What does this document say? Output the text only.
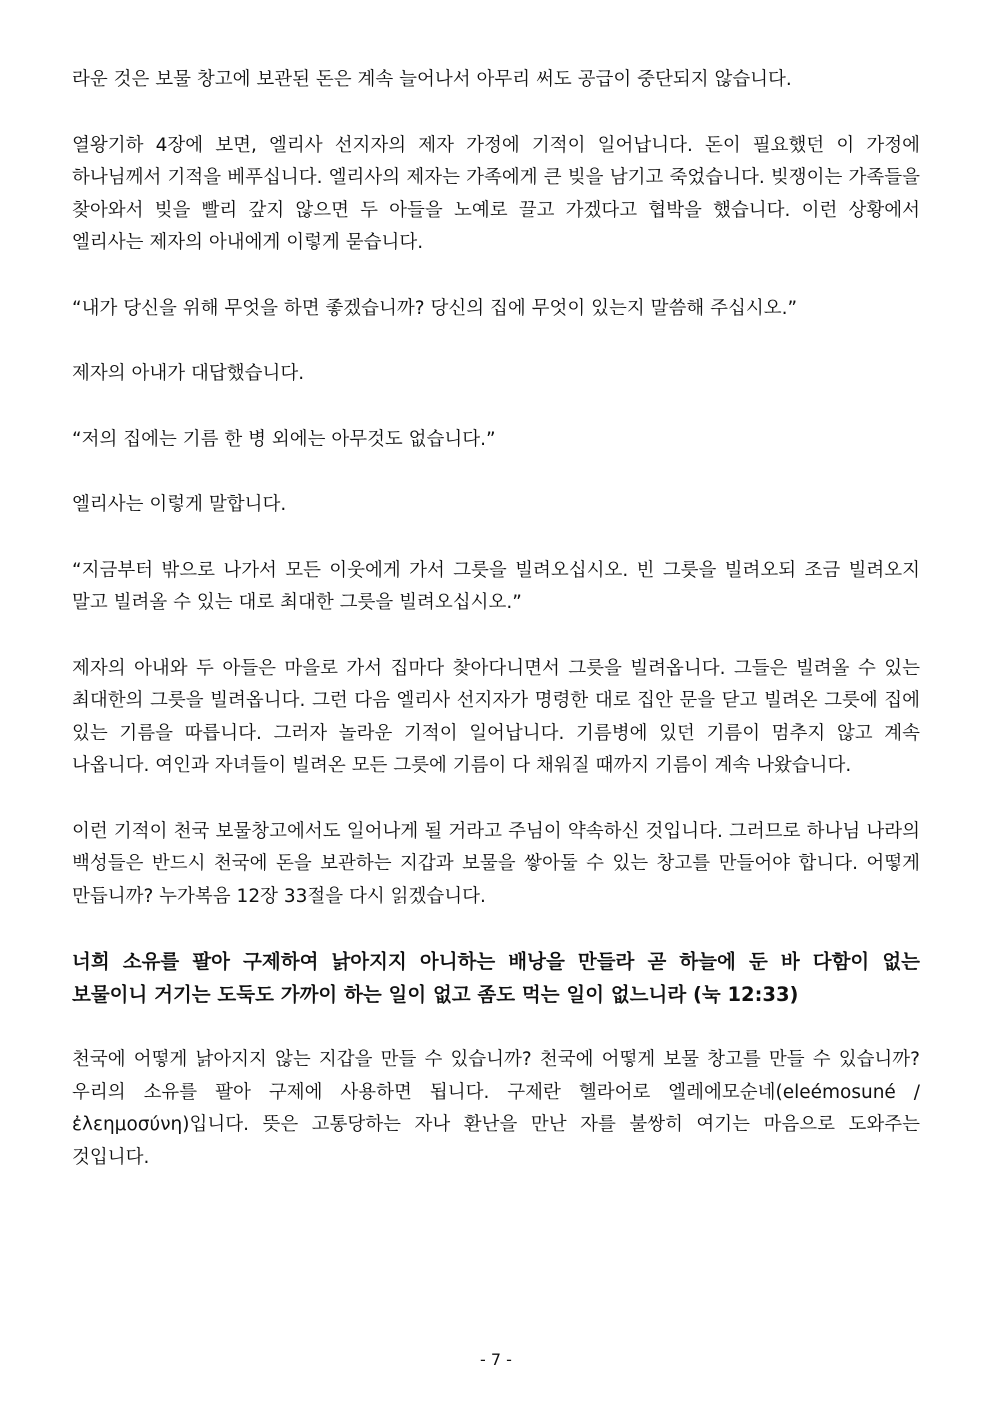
라운 것은 보물 창고에 보관된 돈은 계속 늘어나서 아무리 써도 공급이 중단되지 않습니다.

열왕기하 4장에 보면, 엘리사 선지자의 제자 가정에 기적이 일어납니다. 돈이 필요했던 이 가정에 하나님께서 기적을 베푸십니다. 엘리사의 제자는 가족에게 큰 빚을 남기고 죽었습니다. 빚쟁이는 가족들을 찾아와서 빚을 빨리 갚지 않으면 두 아들을 노예로 끌고 가겠다고 협박을 했습니다. 이런 상황에서 엘리사는 제자의 아내에게 이렇게 묻습니다.

“내가 당신을 위해 무엇을 하면 좋겠습니까? 당신의 집에 무엇이 있는지 말씀해 주십시오.”

제자의 아내가 대답했습니다.

“저의 집에는 기름 한 병 외에는 아무것도 없습니다.”

엘리사는 이렇게 말합니다.

“지금부터 밖으로 나가서 모든 이웃에게 가서 그릇을 빌려오십시오. 빈 그릇을 빌려오되 조금 빌려오지 말고 빌려올 수 있는 대로 최대한 그릇을 빌려오십시오.”

제자의 아내와 두 아들은 마을로 가서 집마다 찾아다니면서 그릇을 빌려옵니다. 그들은 빌려올 수 있는 최대한의 그릇을 빌려옵니다. 그런 다음 엘리사 선지자가 명령한 대로 집안 문을 닫고 빌려온 그릇에 집에 있는 기름을 따릅니다. 그러자 놀라운 기적이 일어납니다. 기름병에 있던 기름이 멈추지 않고 계속 나옵니다. 여인과 자녀들이 빌려온 모든 그릇에 기름이 다 채워질 때까지 기름이 계속 나왔습니다.

이런 기적이 천국 보물창고에서도 일어나게 될 거라고 주님이 약속하신 것입니다. 그러므로 하나님 나라의 백성들은 반드시 천국에 돈을 보관하는 지갑과 보물을 쌓아둘 수 있는 창고를 만들어야 합니다. 어떻게 만듭니까? 누가복음 12장 33절을 다시 읽겠습니다.

너희 소유를 팔아 구제하여 낡아지지 아니하는 배낭을 만들라 곧 하늘에 둔 바 다함이 없는 보물이니 거기는 도둑도 가까이 하는 일이 없고 좀도 먹는 일이 없느니라 (눅 12:33)

천국에 어떻게 낡아지지 않는 지갑을 만들 수 있습니까? 천국에 어떻게 보물 창고를 만들 수 있습니까? 우리의 소유를 팔아 구제에 사용하면 됩니다. 구제란 헬라어로 엘레에모순네(eleémosuné / ἐλεημοσύνη)입니다. 뜻은 고통당하는 자나 환난을 만난 자를 불쌍히 여기는 마음으로 도와주는 것입니다.

- 7 -
